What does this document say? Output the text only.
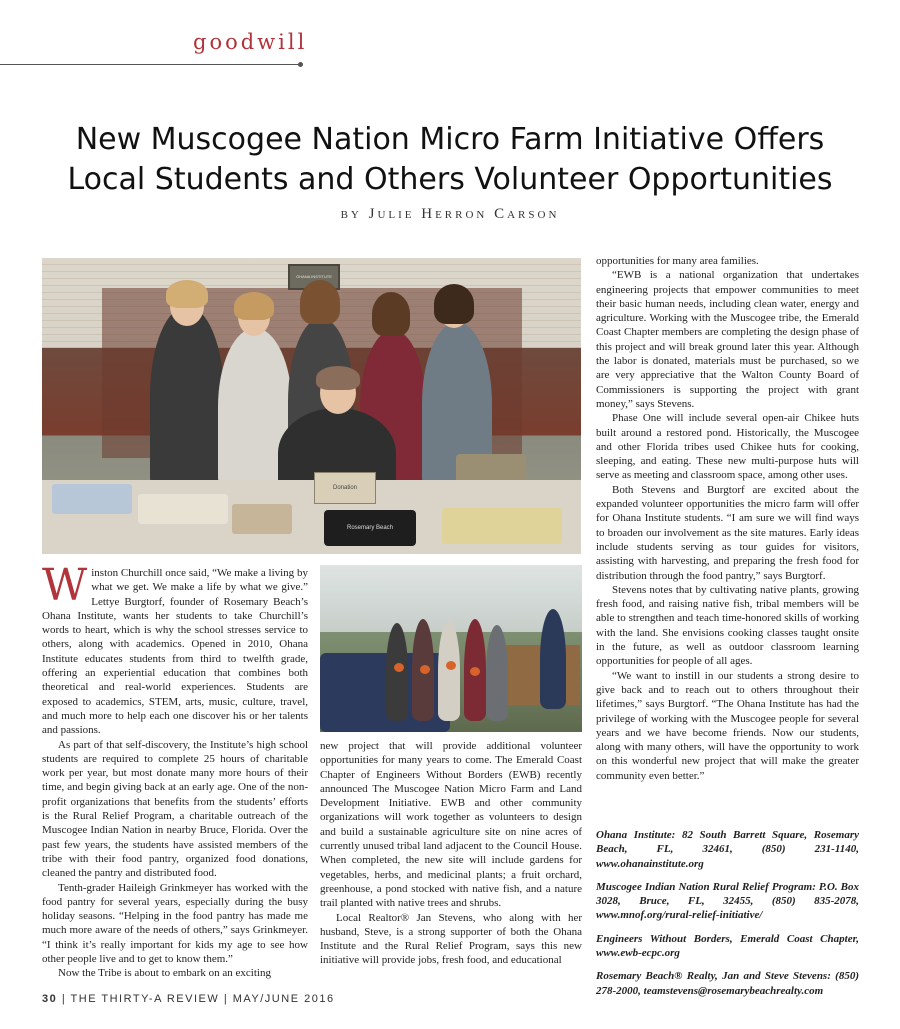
goodwill
New Muscogee Nation Micro Farm Initiative Offers
Local Students and Others Volunteer Opportunities
by Julie Herron Carson
OHANA INSTITUTE
Donation
Rosemary Beach

Winston Churchill once said, “We make a living by what we get. We make a life by what we give.” Lettye Burgtorf, founder of Rosemary Beach’s Ohana Institute, wants her students to take Churchill’s words to heart, which is why the school stresses service to others, along with academics. Opened in 2010, Ohana Institute educates students from third to twelfth grade, offering an experiential education that combines both theoretical and real-world experiences. Students are exposed to academics, STEM, arts, music, culture, travel, and much more to help each one discover his or her talents and passions.

As part of that self-discovery, the Institute’s high school students are required to complete 25 hours of charitable work per year, but most donate many more hours of their time, and begin giving back at an early age. One of the non-profit organizations that benefits from the students’ efforts is the Rural Relief Program, a charitable outreach of the Muscogee Indian Nation in nearby Bruce, Florida. Over the past few years, the students have assisted members of the tribe with their food pantry, organized food donations, cleaned the pantry and distributed food.

Tenth-grader Haileigh Grinkmeyer has worked with the food pantry for several years, especially during the busy holiday seasons. “Helping in the food pantry has made me much more aware of the needs of others,” says Grinkmeyer. “I think it’s really important for kids my age to see how other people live and to get to know them.”

Now the Tribe is about to embark on an exciting

new project that will provide additional volunteer opportunities for many years to come. The Emerald Coast Chapter of Engineers Without Borders (EWB) recently announced The Muscogee Nation Micro Farm and Land Development Initiative. EWB and other community organizations will work together as volunteers to design and build a sustainable agriculture site on nine acres of currently unused tribal land adjacent to the Council House. When completed, the new site will include gardens for vegetables, herbs, and medicinal plants; a fruit orchard, greenhouse, a pond stocked with native fish, and a nature trail planted with native trees and shrubs.

Local Realtor® Jan Stevens, who along with her husband, Steve, is a strong supporter of both the Ohana Institute and the Rural Relief Program, says this new initiative will provide jobs, fresh food, and educational

opportunities for many area families.

“EWB is a national organization that undertakes engineering projects that empower communities to meet their basic human needs, including clean water, energy and agriculture. Working with the Muscogee tribe, the Emerald Coast Chapter members are completing the design phase of this project and will break ground later this year. Although the labor is donated, materials must be purchased, so we are very appreciative that the Walton County Board of Commissioners is supporting the project with grant money,” says Stevens.

Phase One will include several open-air Chikee huts built around a restored pond. Historically, the Muscogee and other Florida tribes used Chikee huts for cooking, sleeping, and eating. These new multi-purpose huts will serve as meeting and classroom space, among other uses.

Both Stevens and Burgtorf are excited about the expanded volunteer opportunities the micro farm will offer for Ohana Institute students. “I am sure we will find ways to broaden our involvement as the site matures. Early ideas include students serving as tour guides for visitors, assisting with harvesting, and preparing the fresh food for distribution through the food pantry,” says Burgtorf.

Stevens notes that by cultivating native plants, growing fresh food, and raising native fish, tribal members will be able to strengthen and teach time-honored skills of working with the land. She envisions cooking classes taught onsite in the future, as well as outdoor classroom learning opportunities for people of all ages.

“We want to instill in our students a strong desire to give back and to reach out to others throughout their lifetimes,” says Burgtorf. “The Ohana Institute has had the privilege of working with the Muscogee people for several years and we have become friends. Now our students, along with many others, will have the opportunity to work on this wonderful new project that will make the greater community even better.”

Ohana Institute: 82 South Barrett Square, Rosemary Beach, FL, 32461, (850) 231-1140, www.ohanainstitute.org

Muscogee Indian Nation Rural Relief Program: P.O. Box 3028, Bruce, FL, 32455, (850) 835-2078, www.mnof.org/rural-relief-initiative/

Engineers Without Borders, Emerald Coast Chapter, www.ewb-ecpc.org

Rosemary Beach® Realty, Jan and Steve Stevens: (850) 278-2000, teamstevens@rosemarybeachrealty.com

30 | THE THIRTY-A REVIEW | MAY/JUNE 2016
